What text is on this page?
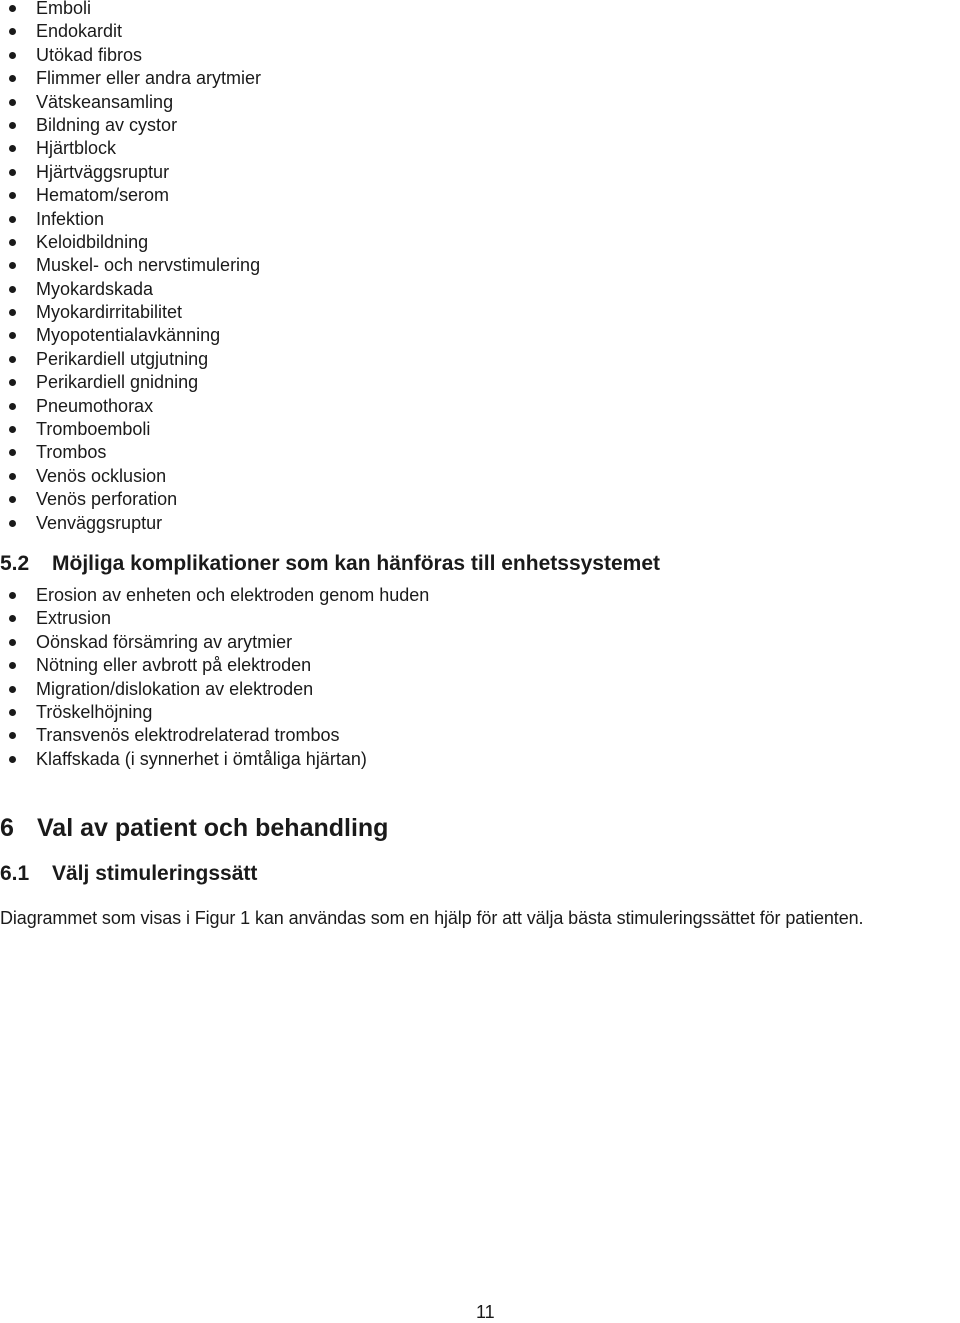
Emboli
Endokardit
Utökad fibros
Flimmer eller andra arytmier
Vätskeansamling
Bildning av cystor
Hjärtblock
Hjärtväggsruptur
Hematom/serom
Infektion
Keloidbildning
Muskel- och nervstimulering
Myokardskada
Myokardirritabilitet
Myopotentialavkänning
Perikardiell utgjutning
Perikardiell gnidning
Pneumothorax
Tromboemboli
Trombos
Venös ocklusion
Venös perforation
Venväggsruptur
5.2 Möjliga komplikationer som kan hänföras till enhetssystemet
Erosion av enheten och elektroden genom huden
Extrusion
Oönskad försämring av arytmier
Nötning eller avbrott på elektroden
Migration/dislokation av elektroden
Tröskelhöjning
Transvenös elektrodrelaterad trombos
Klaffskada (i synnerhet i ömtåliga hjärtan)
6 Val av patient och behandling
6.1 Välj stimuleringssätt
Diagrammet som visas i Figur 1 kan användas som en hjälp för att välja bästa stimuleringssättet för patienten.
11
